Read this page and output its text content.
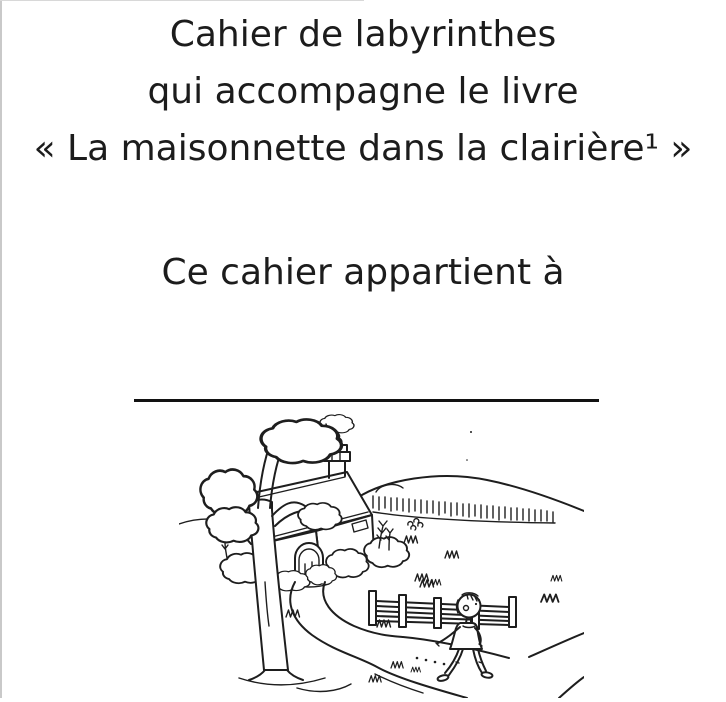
Cahier de labyrinthes
qui accompagne le livre
« La maisonnette dans la clairière¹ »
Ce cahier appartient à
